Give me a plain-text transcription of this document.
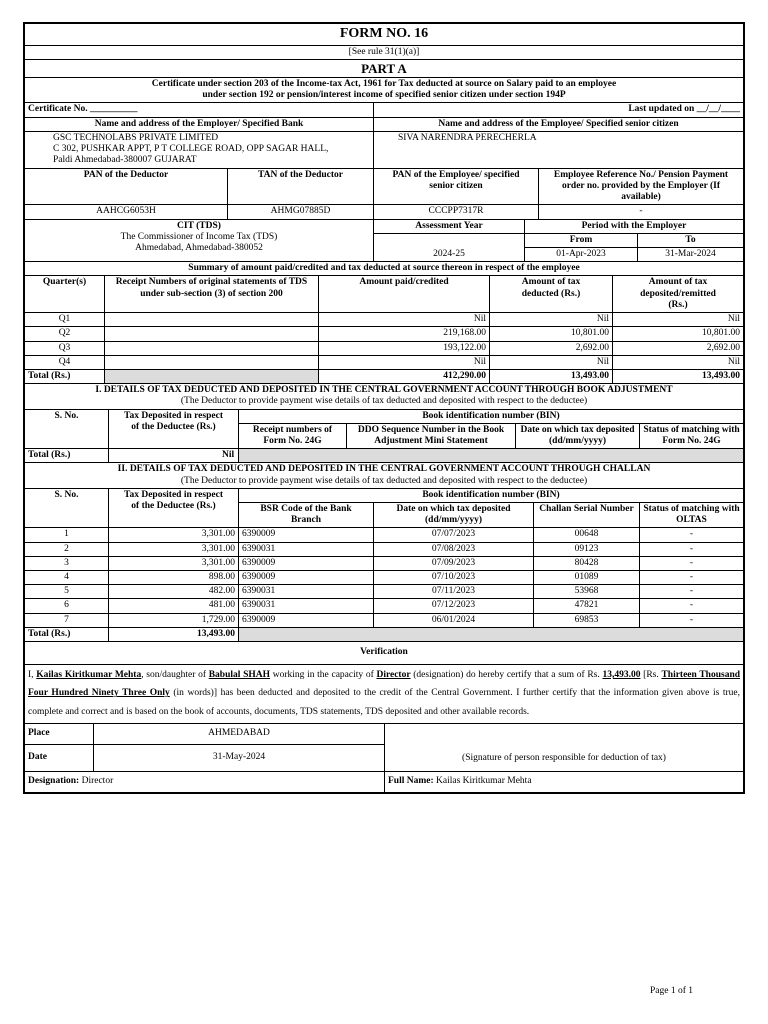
FORM NO. 16
[See rule 31(1)(a)]
PART A
Certificate under section 203 of the Income-tax Act, 1961 for Tax deducted at source on Salary paid to an employee under section 192 or pension/interest income of specified senior citizen under section 194P
Certificate No. __________	Last updated on __/__/____
Name and address of the Employer/ Specified Bank	Name and address of the Employee/ Specified senior citizen

GSC TECHNOLABS PRIVATE LIMITED
C 302, PUSHKAR APPT, P T COLLEGE ROAD, OPP SAGAR HALL,
Paldi Ahmedabad-380007 GUJARAT	SIVA NARENDRA PERECHERLA
PAN of the Deductor	TAN of the Deductor	PAN of the Employee/ specified senior citizen	Employee Reference No./ Pension Payment order no. provided by the Employer (If available)
AAHCG6053H	AHMG07885D	CCCPP7317R	-
CIT (TDS)
The Commissioner of Income Tax (TDS)
Ahmedabad, Ahmedabad-380052	Assessment Year	Period with the Employer	
	2024-25	From	To
		01-Apr-2023	31-Mar-2024
Summary of amount paid/credited and tax deducted at source thereon in respect of the employee				
Quarter(s)	Receipt Numbers of original statements of TDS under sub-section (3) of section 200	Amount paid/credited	Amount of tax deducted (Rs.)	Amount of tax deposited/remitted (Rs.)
Q1		Nil	Nil	Nil
Q2		219,168.00	10,801.00	10,801.00
Q3		193,122.00	2,692.00	2,692.00
Q4		Nil	Nil	Nil
Total (Rs.)		412,290.00	13,493.00	13,493.00
I. DETAILS OF TAX DEDUCTED AND DEPOSITED IN THE CENTRAL GOVERNMENT ACCOUNT THROUGH BOOK ADJUSTMENT
(The Deductor to provide payment wise details of tax deducted and deposited with respect to the deductee)					

S. No.	Tax Deposited in respect of the Deductee (Rs.)	Book identification number (BIN)			
		Receipt numbers of Form No. 24G	DDO Sequence Number in the Book Adjustment Mini Statement	Date on which tax deposited (dd/mm/yyyy)	Status of matching with Form No. 24G
Total (Rs.)	Nil				
II. DETAILS OF TAX DEDUCTED AND DEPOSITED IN THE CENTRAL GOVERNMENT ACCOUNT THROUGH CHALLAN
(The Deductor to provide payment wise details of tax deducted and deposited with respect to the deductee)					

S. No.	Tax Deposited in respect of the Deductee (Rs.)	Book identification number (BIN)			
		BSR Code of the Bank Branch	Date on which tax deposited (dd/mm/yyyy)	Challan Serial Number	Status of matching with OLTAS
1	3,301.00	6390009	07/07/2023	00648	-
2	3,301.00	6390031	07/08/2023	09123	-
3	3,301.00	6390009	07/09/2023	80428	-
4	898.00	6390009	07/10/2023	01089	-
5	482.00	6390031	07/11/2023	53968	-
6	481.00	6390031	07/12/2023	47821	-
7	1,729.00	6390009	06/01/2024	69853	-
Total (Rs.)	13,493.00				
Verification		
I, Kailas Kiritkumar Mehta, son/daughter of Babulal SHAH working in the capacity of Director (designation) do hereby certify that a sum of Rs. 13,493.00 [Rs. Thirteen Thousand Four Hundred Ninety Three Only (in words)] has been deducted and deposited to the credit of the Central Government. I further certify that the information given above is true, complete and correct and is based on the book of accounts, documents, TDS statements, TDS deposited and other available records.		
Place	AHMEDABAD	(Signature of person responsible for deduction of tax)
Date	31-May-2024	
Designation: Director		Full Name: Kailas Kiritkumar Mehta
Page 1 of 1
